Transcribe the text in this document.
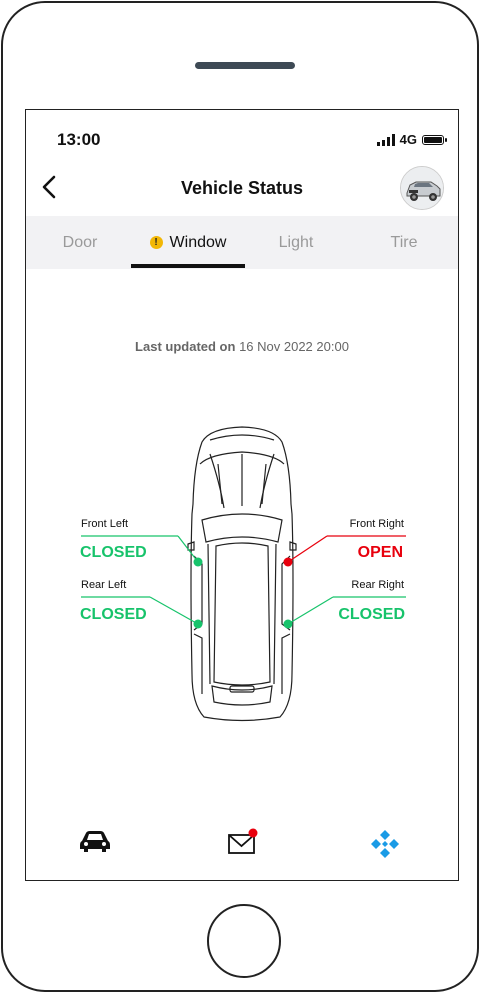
13:00	4G
Vehicle Status
Door	! Window	Light	Tire
Last updated on 16 Nov 2022 20:00
Front Left
CLOSED
Rear Left
CLOSED
Front Right
OPEN
Rear Right
CLOSED
